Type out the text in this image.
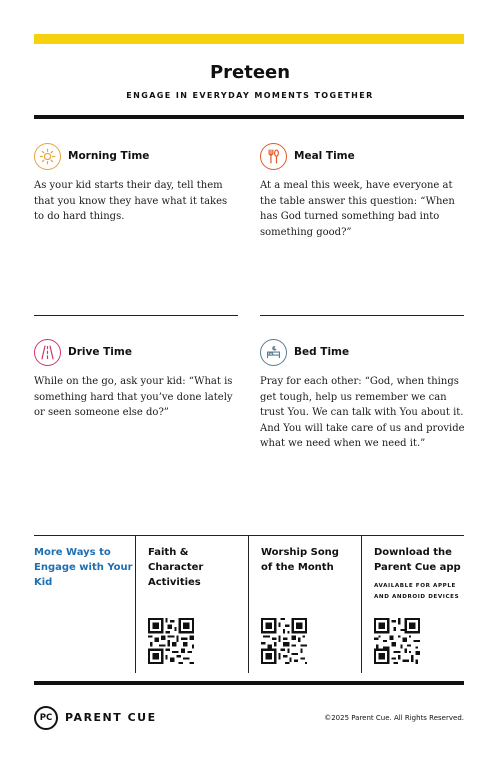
Preteen
ENGAGE IN EVERYDAY MOMENTS TOGETHER
Morning Time
As your kid starts their day, tell them that you know they have what it takes to do hard things.
Meal Time
At a meal this week, have everyone at the table answer this question: “When has God turned something bad into something good?”
Drive Time
While on the go, ask your kid: “What is something hard that you’ve done lately or seen someone else do?”
Bed Time
Pray for each other: “God, when things get tough, help us remember we can trust You. We can talk with You about it. And You will take care of us and provide what we need when we need it.”
More Ways to Engage with Your Kid
Faith & Character Activities
Worship Song of the Month
Download the Parent Cue app
AVAILABLE FOR APPLE AND ANDROID DEVICES
PC	PARENT CUE	©2025 Parent Cue. All Rights Reserved.
